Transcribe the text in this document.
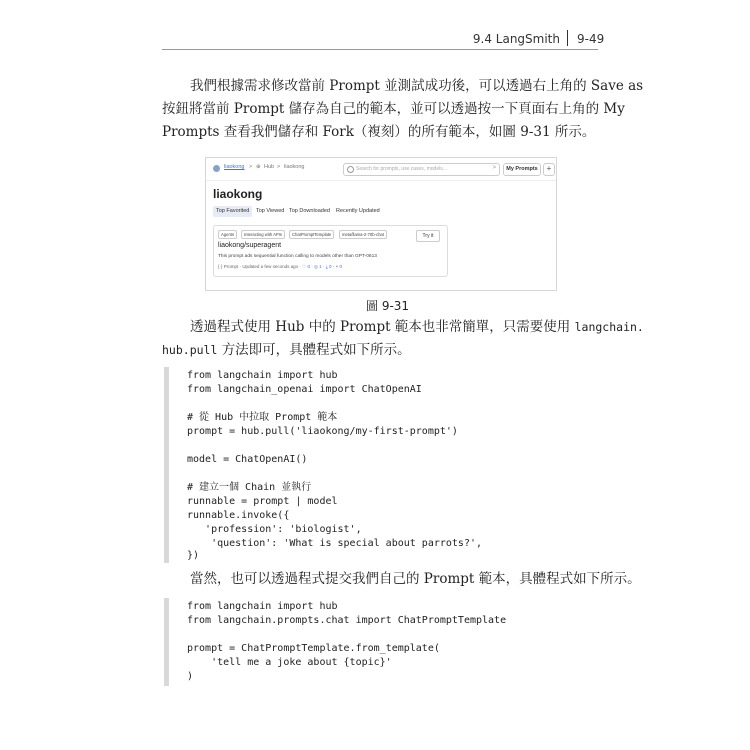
9.4 LangSmith 9-49

我們根據需求修改當前 Prompt 並測試成功後，可以透過右上角的 Save as
按鈕將當前 Prompt 儲存為自己的範本，並可以透過按一下頁面右上角的 My
Prompts 查看我們儲存和 Fork（複刻）的所有範本，如圖 9-31 所示。

liaokong > ⊕ Hub > liaokong	Search for prompts, use cases, models...	>	My Prompts	+
liaokong
Top Favorited	Top Viewed Top Downloaded	Recently Updated
Agents	Interacting with APIs	ChatPromptTemplate	meta/llama-2-70b-chat	Try it
liaokong/superagent
This prompt ads sequential function calling to models other than GPT-0613
{·} Prompt · Updated a few seconds ago · ♡ 0 · ◎ 1 · ⤓ 0 · ⑂ 0
圖 9-31

透過程式使用 Hub 中的 Prompt 範本也非常簡單，只需要使用 langchain.
hub.pull 方法即可，具體程式如下所示。

from langchain import hub
from langchain_openai import ChatOpenAI
# 從 Hub 中拉取 Prompt 範本
prompt = hub.pull('liaokong/my-first-prompt')
model = ChatOpenAI()
# 建立一個 Chain 並執行
runnable = prompt | model
runnable.invoke({
'profession': 'biologist',
'question': 'What is special about parrots?',
})

當然，也可以透過程式提交我們自己的 Prompt 範本，具體程式如下所示。

from langchain import hub
from langchain.prompts.chat import ChatPromptTemplate
prompt = ChatPromptTemplate.from_template(
'tell me a joke about {topic}'
)
